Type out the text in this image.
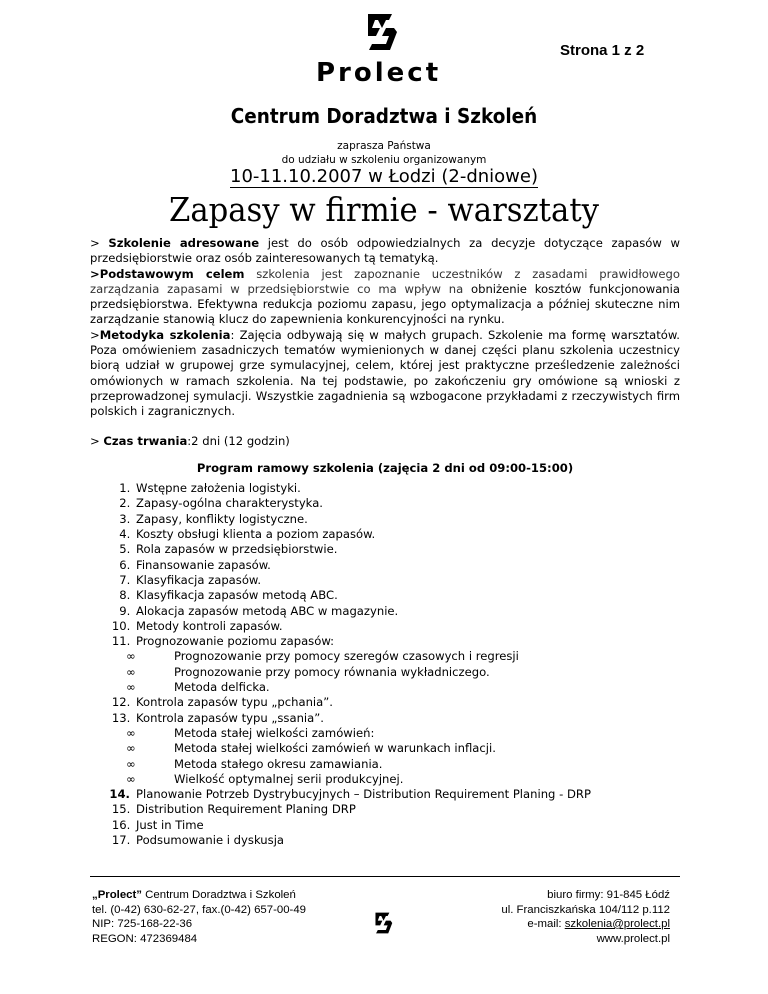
Strona 1 z 2
Prolect
Centrum Doradztwa i Szkoleń
zaprasza Państwa
do udziału w szkoleniu organizowanym
10-11.10.2007 w Łodzi (2-dniowe)
Zapasy w firmie - warsztaty

> Szkolenie adresowane jest do osób odpowiedzialnych za decyzje dotyczące zapasów w przedsiębiorstwie oraz osób zainteresowanych tą tematyką.

>Podstawowym celem szkolenia jest zapoznanie uczestników z zasadami prawidłowego zarządzania zapasami w przedsiębiorstwie co ma wpływ na obniżenie kosztów funkcjonowania przedsiębiorstwa. Efektywna redukcja poziomu zapasu, jego optymalizacja a później skuteczne nim zarządzanie stanowią klucz do zapewnienia konkurencyjności na rynku.

>Metodyka szkolenia: Zajęcia odbywają się w małych grupach. Szkolenie ma formę warsztatów. Poza omówieniem zasadniczych tematów wymienionych w danej części planu szkolenia uczestnicy biorą udział w grupowej grze symulacyjnej, celem, której jest praktyczne prześledzenie zależności omówionych w ramach szkolenia. Na tej podstawie, po zakończeniu gry omówione są wnioski z przeprowadzonej symulacji. Wszystkie zagadnienia są wzbogacone przykładami z rzeczywistych firm polskich i zagranicznych.

> Czas trwania:2 dni (12 godzin)

Program ramowy szkolenia (zajęcia 2 dni od 09:00-15:00)

1. Wstępne założenia logistyki.
2. Zapasy-ogólna charakterystyka.
3. Zapasy, konflikty logistyczne.
4. Koszty obsługi klienta a poziom zapasów.
5. Rola zapasów w przedsiębiorstwie.
6. Finansowanie zapasów.
7. Klasyfikacja zapasów.
8. Klasyfikacja zapasów metodą ABC.
9. Alokacja zapasów metodą ABC w magazynie.
10. Metody kontroli zapasów.
11. Prognozowanie poziomu zapasów:
∞	Prognozowanie przy pomocy szeregów czasowych i regresji
∞	Prognozowanie przy pomocy równania wykładniczego.
∞	Metoda delficka.
12. Kontrola zapasów typu „pchania”.
13. Kontrola zapasów typu „ssania”.
∞	Metoda stałej wielkości zamówień:
∞	Metoda stałej wielkości zamówień w warunkach inflacji.
∞	Metoda stałego okresu zamawiania.
∞	Wielkość optymalnej serii produkcyjnej.
14. Planowanie Potrzeb Dystrybucyjnych – Distribution Requirement Planing - DRP
15. Distribution Requirement Planing DRP
16. Just in Time
17. Podsumowanie i dyskusja
„Prolect” Centrum Doradztwa i Szkoleń
tel. (0-42) 630-62-27, fax.(0-42) 657-00-49
NIP: 725-168-22-36
REGON: 472369484
biuro firmy: 91-845 Łódź
ul. Franciszkańska 104/112 p.112
e-mail: szkolenia@prolect.pl
www.prolect.pl
